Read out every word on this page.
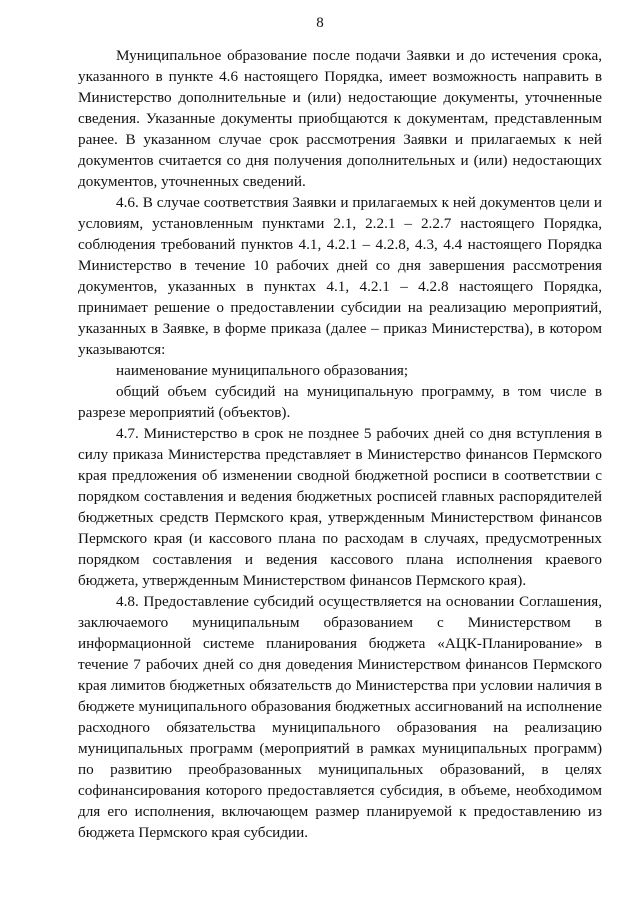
8

Муниципальное образование после подачи Заявки и до истечения срока, указанного в пункте 4.6 настоящего Порядка, имеет возможность направить в Министерство дополнительные и (или) недостающие документы, уточненные сведения. Указанные документы приобщаются к документам, представленным ранее. В указанном случае срок рассмотрения Заявки и прилагаемых к ней документов считается со дня получения дополнительных и (или) недостающих документов, уточненных сведений.

4.6. В случае соответствия Заявки и прилагаемых к ней документов цели и условиям, установленным пунктами 2.1, 2.2.1 – 2.2.7 настоящего Порядка, соблюдения требований пунктов 4.1, 4.2.1 – 4.2.8, 4.3, 4.4 настоящего Порядка Министерство в течение 10 рабочих дней со дня завершения рассмотрения документов, указанных в пунктах 4.1, 4.2.1 – 4.2.8 настоящего Порядка, принимает решение о предоставлении субсидии на реализацию мероприятий, указанных в Заявке, в форме приказа (далее – приказ Министерства), в котором указываются:

наименование муниципального образования;

общий объем субсидий на муниципальную программу, в том числе в разрезе мероприятий (объектов).

4.7. Министерство в срок не позднее 5 рабочих дней со дня вступления в силу приказа Министерства представляет в Министерство финансов Пермского края предложения об изменении сводной бюджетной росписи в соответствии с порядком составления и ведения бюджетных росписей главных распорядителей бюджетных средств Пермского края, утвержденным Министерством финансов Пермского края (и кассового плана по расходам в случаях, предусмотренных порядком составления и ведения кассового плана исполнения краевого бюджета, утвержденным Министерством финансов Пермского края).

4.8. Предоставление субсидий осуществляется на основании Соглашения, заключаемого муниципальным образованием с Министерством в информационной системе планирования бюджета «АЦК-Планирование» в течение 7 рабочих дней со дня доведения Министерством финансов Пермского края лимитов бюджетных обязательств до Министерства при условии наличия в бюджете муниципального образования бюджетных ассигнований на исполнение расходного обязательства муниципального образования на реализацию муниципальных программ (мероприятий в рамках муниципальных программ) по развитию преобразованных муниципальных образований, в целях софинансирования которого предоставляется субсидия, в объеме, необходимом для его исполнения, включающем размер планируемой к предоставлению из бюджета Пермского края субсидии.
